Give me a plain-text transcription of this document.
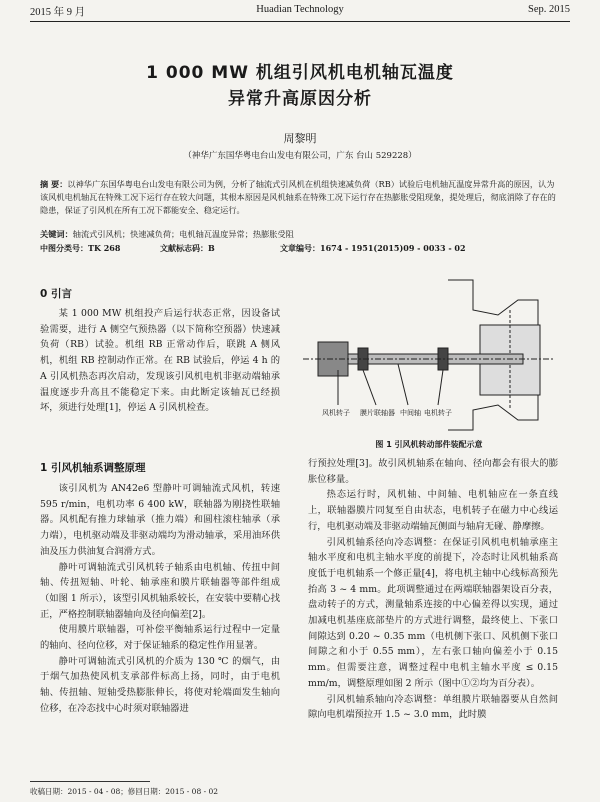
2015 年 9 月	Huadian Technology	Sep. 2015
1 000 MW 机组引风机电机轴瓦温度
异常升高原因分析
周黎明
（神华广东国华粤电台山发电有限公司，广东 台山 529228）
摘 要：以神华广东国华粤电台山发电有限公司为例，分析了轴流式引风机在机组快速减负荷（RB）试验后电机轴瓦温度异常升高的原因，认为该风机电机轴瓦在特殊工况下运行存在较大问题，其根本原因是风机轴系在特殊工况下运行存在热膨胀受阻现象，提处理后，彻底消除了存在的隐患，保证了引风机在所有工况下都能安全、稳定运行。
关键词：轴流式引风机；快速减负荷；电机轴瓦温度异常；热膨胀受阻
中图分类号：TK 268	文献标志码：B	文章编号：1674 - 1951(2015)09 - 0033 - 02
0 引言

某 1 000 MW 机组投产后运行状态正常，因设备试验需要，进行 A 侧空气预热器（以下简称空预器）快速减负荷（RB）试验。机组 RB 正常动作后，联跳 A 侧风机，机组 RB 控制动作正常。在 RB 试验后，停运 4 h 的 A 引风机热态再次启动，发现该引风机电机非驱动端轴承温度逐步升高且不能稳定下来。由此断定该轴瓦已经损坏，须进行处理[1]，停运 A 引风机检查。

1 引风机轴系调整原理

该引风机为 AN42e6 型静叶可调轴流式风机，转速 595 r/min，电机功率 6 400 kW，联轴器为刚挠性联轴器。风机配有推力球轴承（推力端）和圆柱滚柱轴承（承力端），电机驱动端及非驱动端均为滑动轴承，采用油环供油及压力供油复合润滑方式。

静叶可调轴流式引风机转子轴系由电机轴、传扭中间轴、传扭短轴、叶轮、轴承座和膜片联轴器等部件组成（如图 1 所示），该型引风机轴系较长，在安装中要精心找正，严格控制联轴器轴向及径向偏差[2]。

使用膜片联轴器，可补偿平衡轴系运行过程中一定量的轴向、径向位移，对于保证轴系的稳定性作用显著。

静叶可调轴流式引风机的介质为 130 ℃ 的烟气，由于烟气加热使风机支承部件标高上扬，同时，由于电机轴、传扭轴、短轴受热膨胀伸长，将使对轮端面发生轴向位移，在冷态找中心时须对联轴器进

风机转子 膜片联轴器 中间轴 电机转子
图 1 引风机转动部件装配示意

行预拉处理[3]。故引风机轴系在轴向、径向都会有很大的膨胀位移量。

热态运行时，风机轴、中间轴、电机轴应在一条直线上，联轴器膜片同复至自由状态，电机转子在磁力中心线运行，电机驱动端及非驱动端轴瓦侧面与轴肩无碰、静摩擦。

引风机轴系径向冷态调整：在保证引风机电机轴承座主轴水平度和电机主轴水平度的前提下，冷态时让风机轴系高度低于电机轴系一个修正量[4]，将电机主轴中心线标高预先抬高 3 ~ 4 mm。此项调整通过在两端联轴器架设百分表，盘动转子的方式，测量轴系连接的中心偏差得以实现，通过加减电机基座底部垫片的方式进行调整，最终使上、下张口间隙达到 0.20 ~ 0.35 mm（电机侧下张口、风机侧下张口间隙之和小于 0.55 mm），左右张口轴向偏差小于 0.15 mm。但需要注意，调整过程中电机主轴水平度 ≤ 0.15 mm/m，调整原理如图 2 所示（图中①②均为百分表）。

引风机轴系轴向冷态调整：单组膜片联轴器要从自然间隙向电机端预拉开 1.5 ~ 3.0 mm，此时膜

收稿日期：2015 - 04 - 08；修回日期：2015 - 08 - 02
